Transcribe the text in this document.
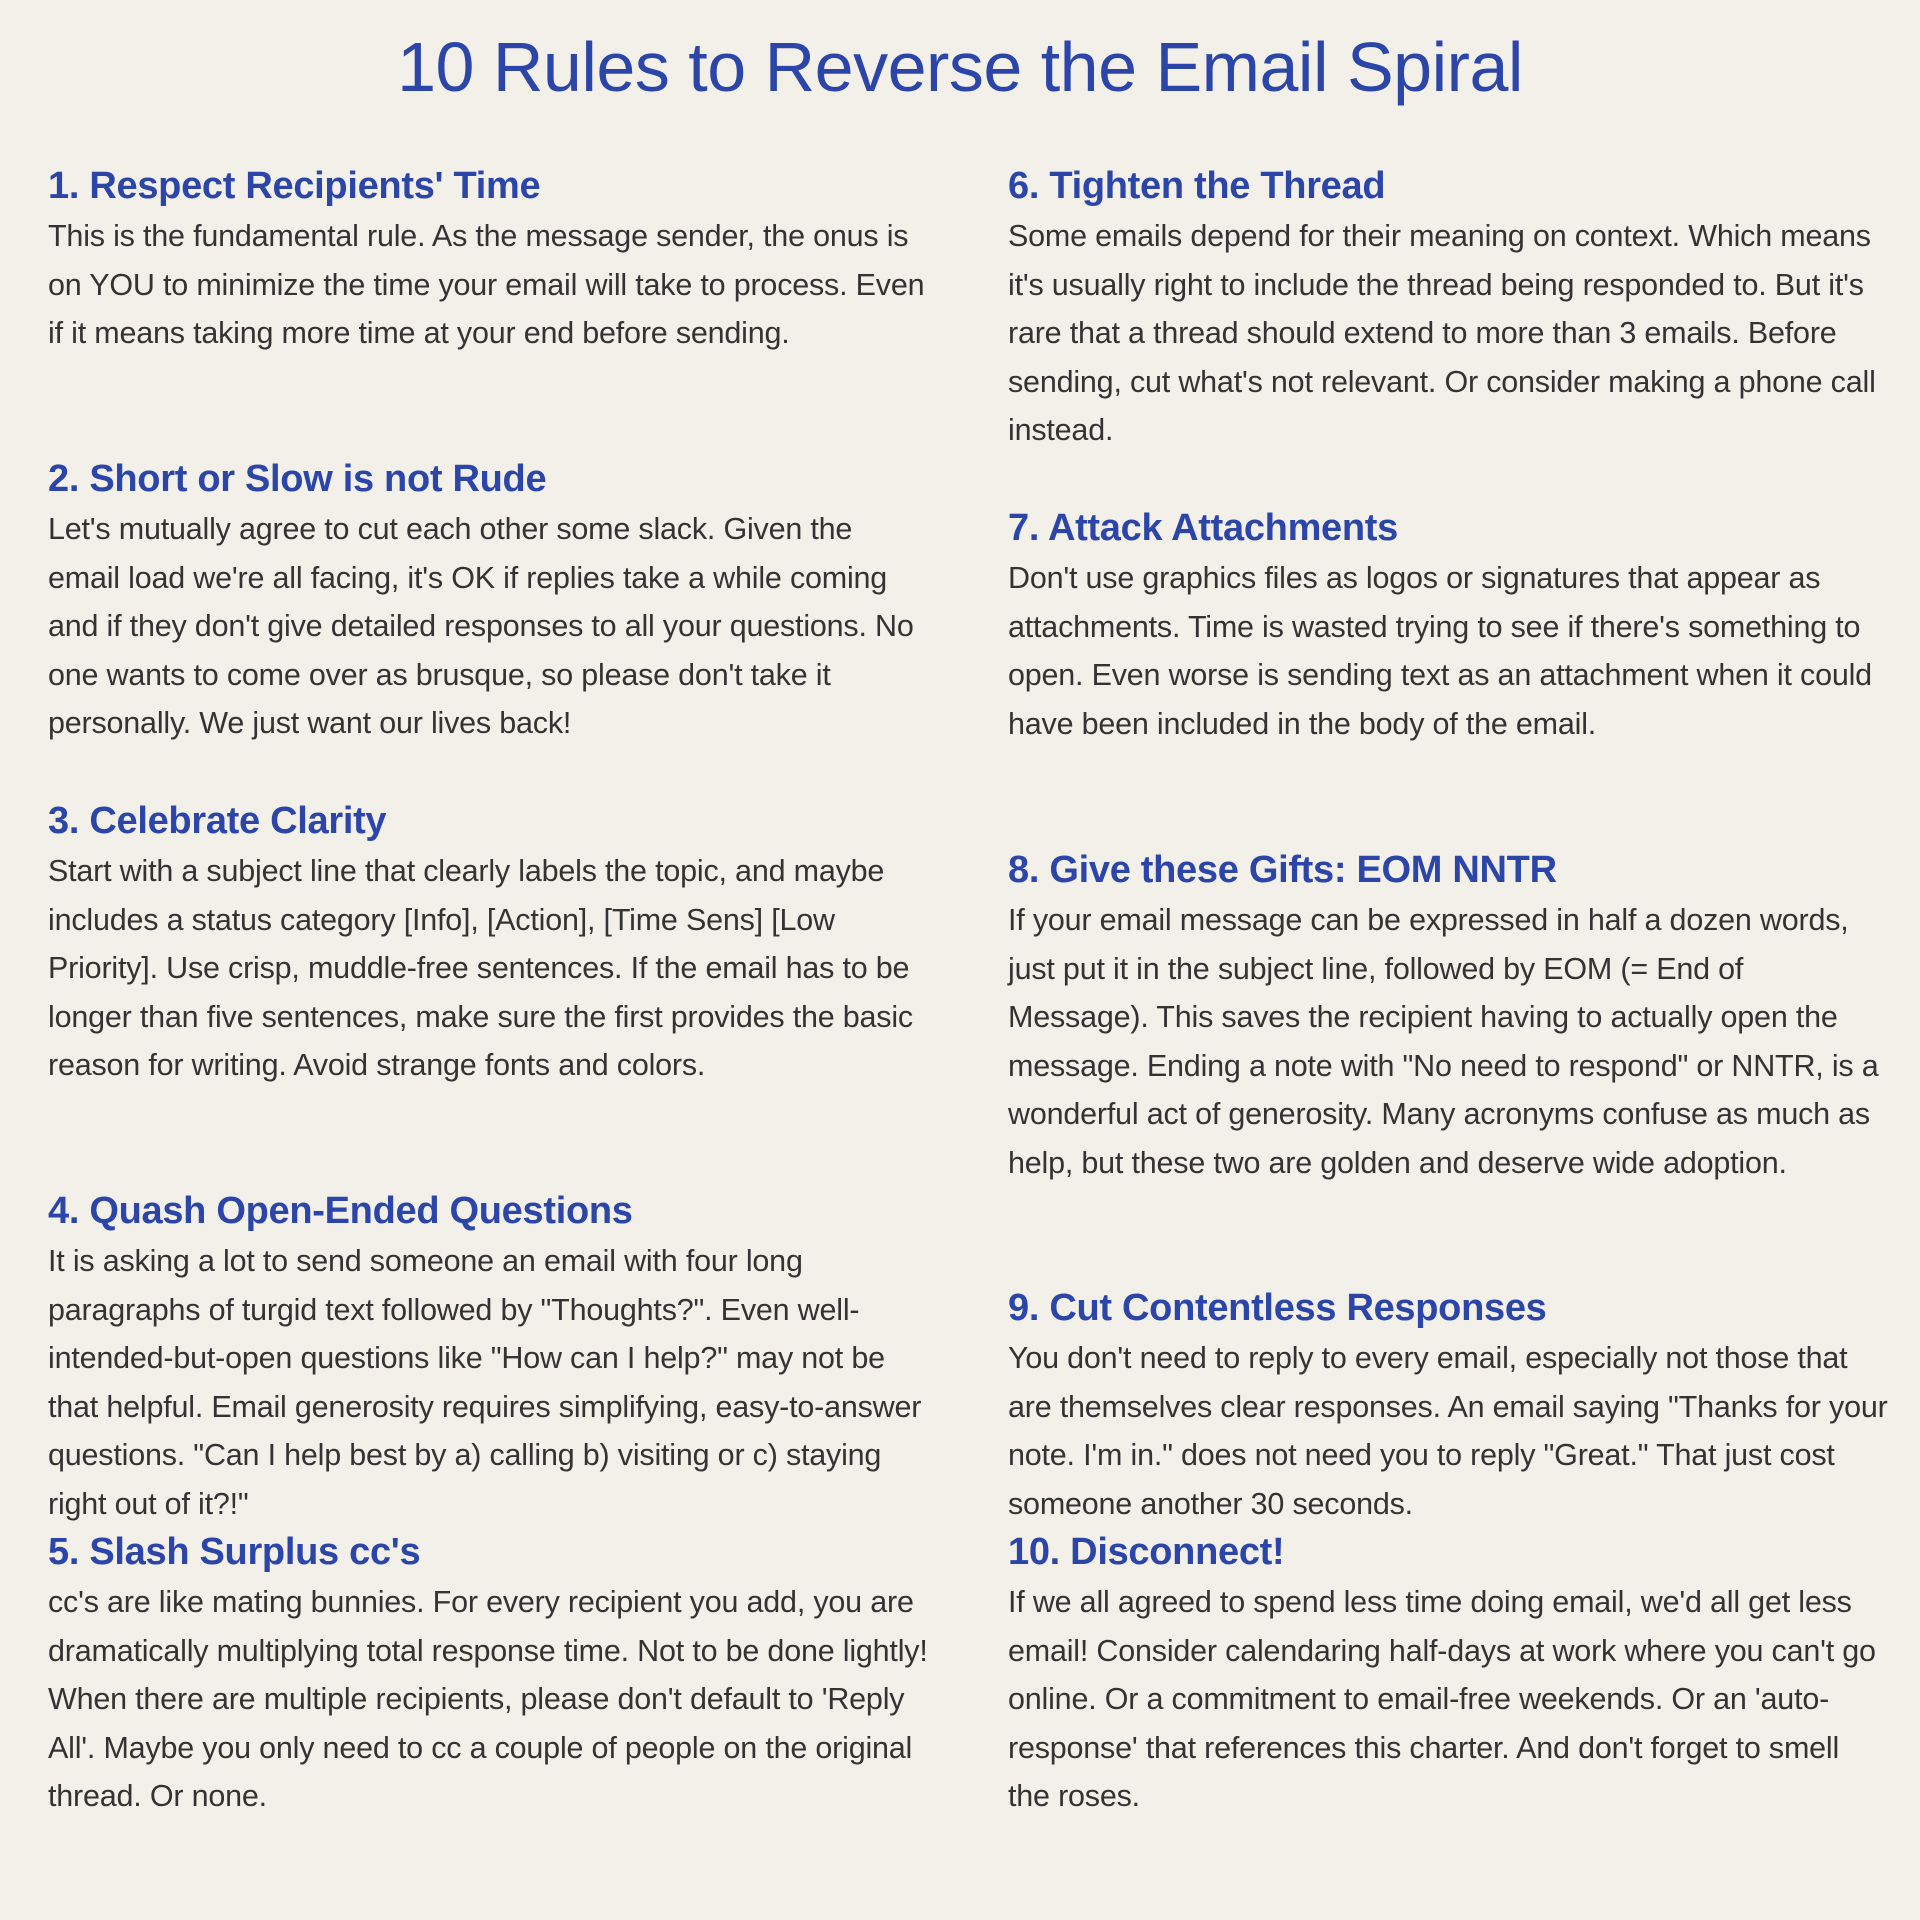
10 Rules to Reverse the Email Spiral
1. Respect Recipients' Time

This is the fundamental rule. As the message sender, the onus is on YOU to minimize the time your email will take to process. Even if it means taking more time at your end before sending.

2. Short or Slow is not Rude

Let's mutually agree to cut each other some slack. Given the email load we're all facing, it's OK if replies take a while coming and if they don't give detailed responses to all your questions. No one wants to come over as brusque, so please don't take it personally. We just want our lives back!

3. Celebrate Clarity

Start with a subject line that clearly labels the topic, and maybe includes a status category [Info], [Action], [Time Sens] [Low Priority]. Use crisp, muddle-free sentences. If the email has to be longer than five sentences, make sure the first provides the basic reason for writing. Avoid strange fonts and colors.

4. Quash Open-Ended Questions

It is asking a lot to send someone an email with four long paragraphs of turgid text followed by "Thoughts?". Even well-intended-but-open questions like "How can I help?" may not be that helpful. Email generosity requires simplifying, easy-to-answer questions. "Can I help best by a) calling b) visiting or c) staying right out of it?!"

5. Slash Surplus cc's

cc's are like mating bunnies. For every recipient you add, you are dramatically multiplying total response time. Not to be done lightly! When there are multiple recipients, please don't default to 'Reply All'. Maybe you only need to cc a couple of people on the original thread. Or none.

6. Tighten the Thread

Some emails depend for their meaning on context. Which means it's usually right to include the thread being responded to. But it's rare that a thread should extend to more than 3 emails. Before sending, cut what's not relevant. Or consider making a phone call instead.

7. Attack Attachments

Don't use graphics files as logos or signatures that appear as attachments. Time is wasted trying to see if there's something to open. Even worse is sending text as an attachment when it could have been included in the body of the email.

8. Give these Gifts: EOM NNTR

If your email message can be expressed in half a dozen words, just put it in the subject line, followed by EOM (= End of Message). This saves the recipient having to actually open the message. Ending a note with "No need to respond" or NNTR, is a wonderful act of generosity. Many acronyms confuse as much as help, but these two are golden and deserve wide adoption.

9. Cut Contentless Responses

You don't need to reply to every email, especially not those that are themselves clear responses. An email saying "Thanks for your note. I'm in." does not need you to reply "Great." That just cost someone another 30 seconds.

10. Disconnect!

If we all agreed to spend less time doing email, we'd all get less email! Consider calendaring half-days at work where you can't go online. Or a commitment to email-free weekends. Or an 'auto-response' that references this charter. And don't forget to smell the roses.
